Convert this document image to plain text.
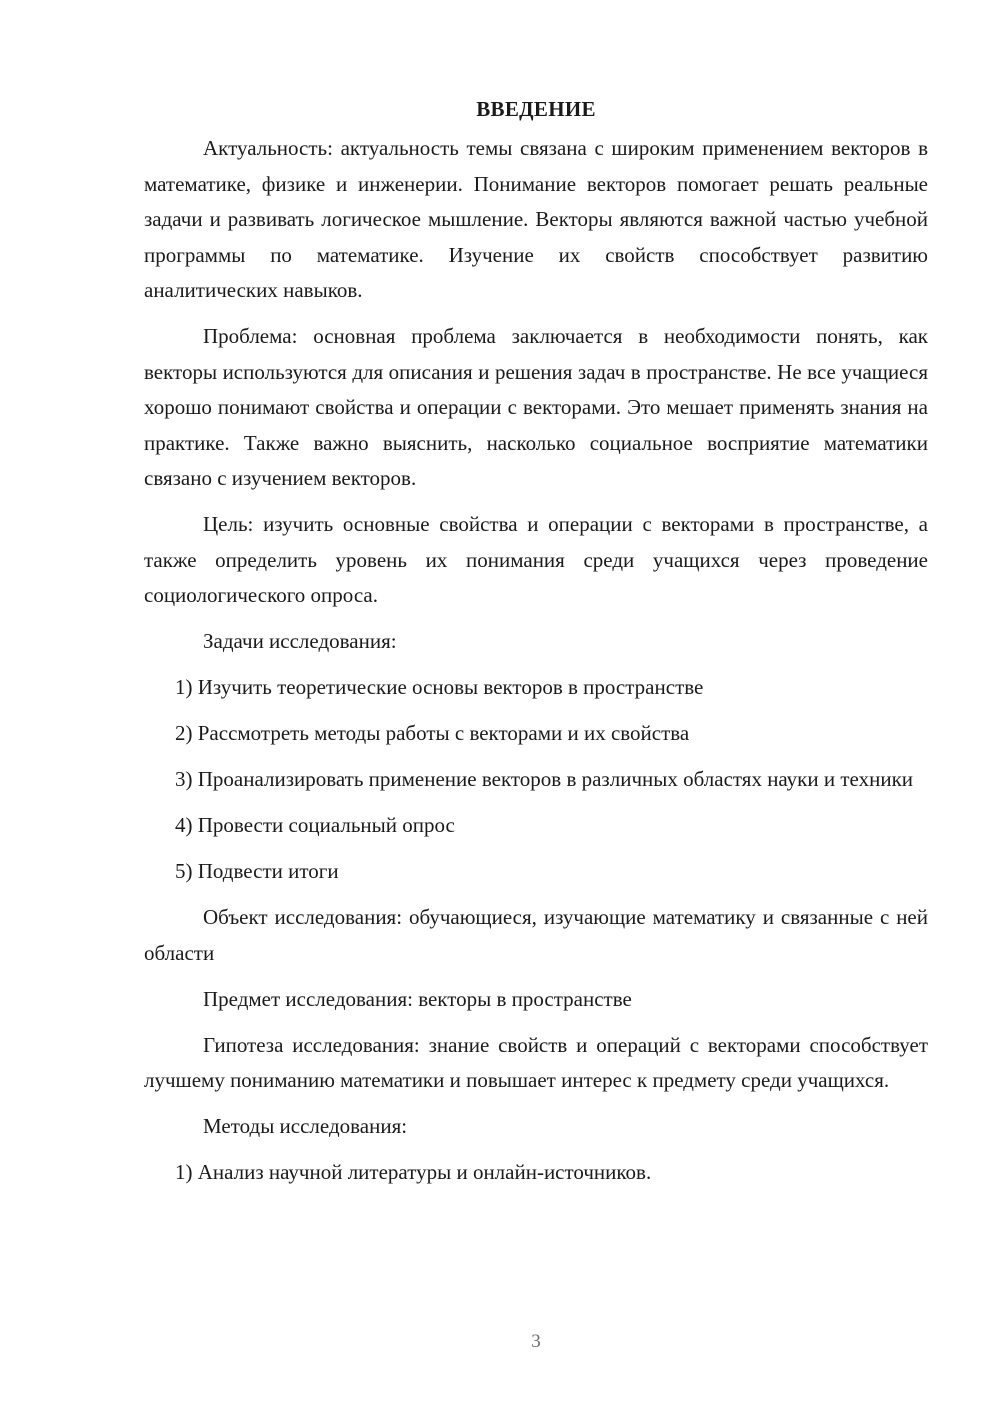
ВВЕДЕНИЕ

Актуальность: актуальность темы связана с широким применением векторов в математике, физике и инженерии. Понимание векторов помогает решать реальные задачи и развивать логическое мышление. Векторы являются важной частью учебной программы по математике. Изучение их свойств способствует развитию аналитических навыков.

Проблема: основная проблема заключается в необходимости понять, как векторы используются для описания и решения задач в пространстве. Не все учащиеся хорошо понимают свойства и операции с векторами. Это мешает применять знания на практике. Также важно выяснить, насколько социальное восприятие математики связано с изучением векторов.

Цель: изучить основные свойства и операции с векторами в пространстве, а также определить уровень их понимания среди учащихся через проведение социологического опроса.

Задачи исследования:

1) Изучить теоретические основы векторов в пространстве

2) Рассмотреть методы работы с векторами и их свойства

3) Проанализировать применение векторов в различных областях науки и техники

4) Провести социальный опрос

5) Подвести итоги

Объект исследования: обучающиеся, изучающие математику и связанные с ней области

Предмет исследования: векторы в пространстве

Гипотеза исследования: знание свойств и операций с векторами способствует лучшему пониманию математики и повышает интерес к предмету среди учащихся.

Методы исследования:

1) Анализ научной литературы и онлайн-источников.

3
